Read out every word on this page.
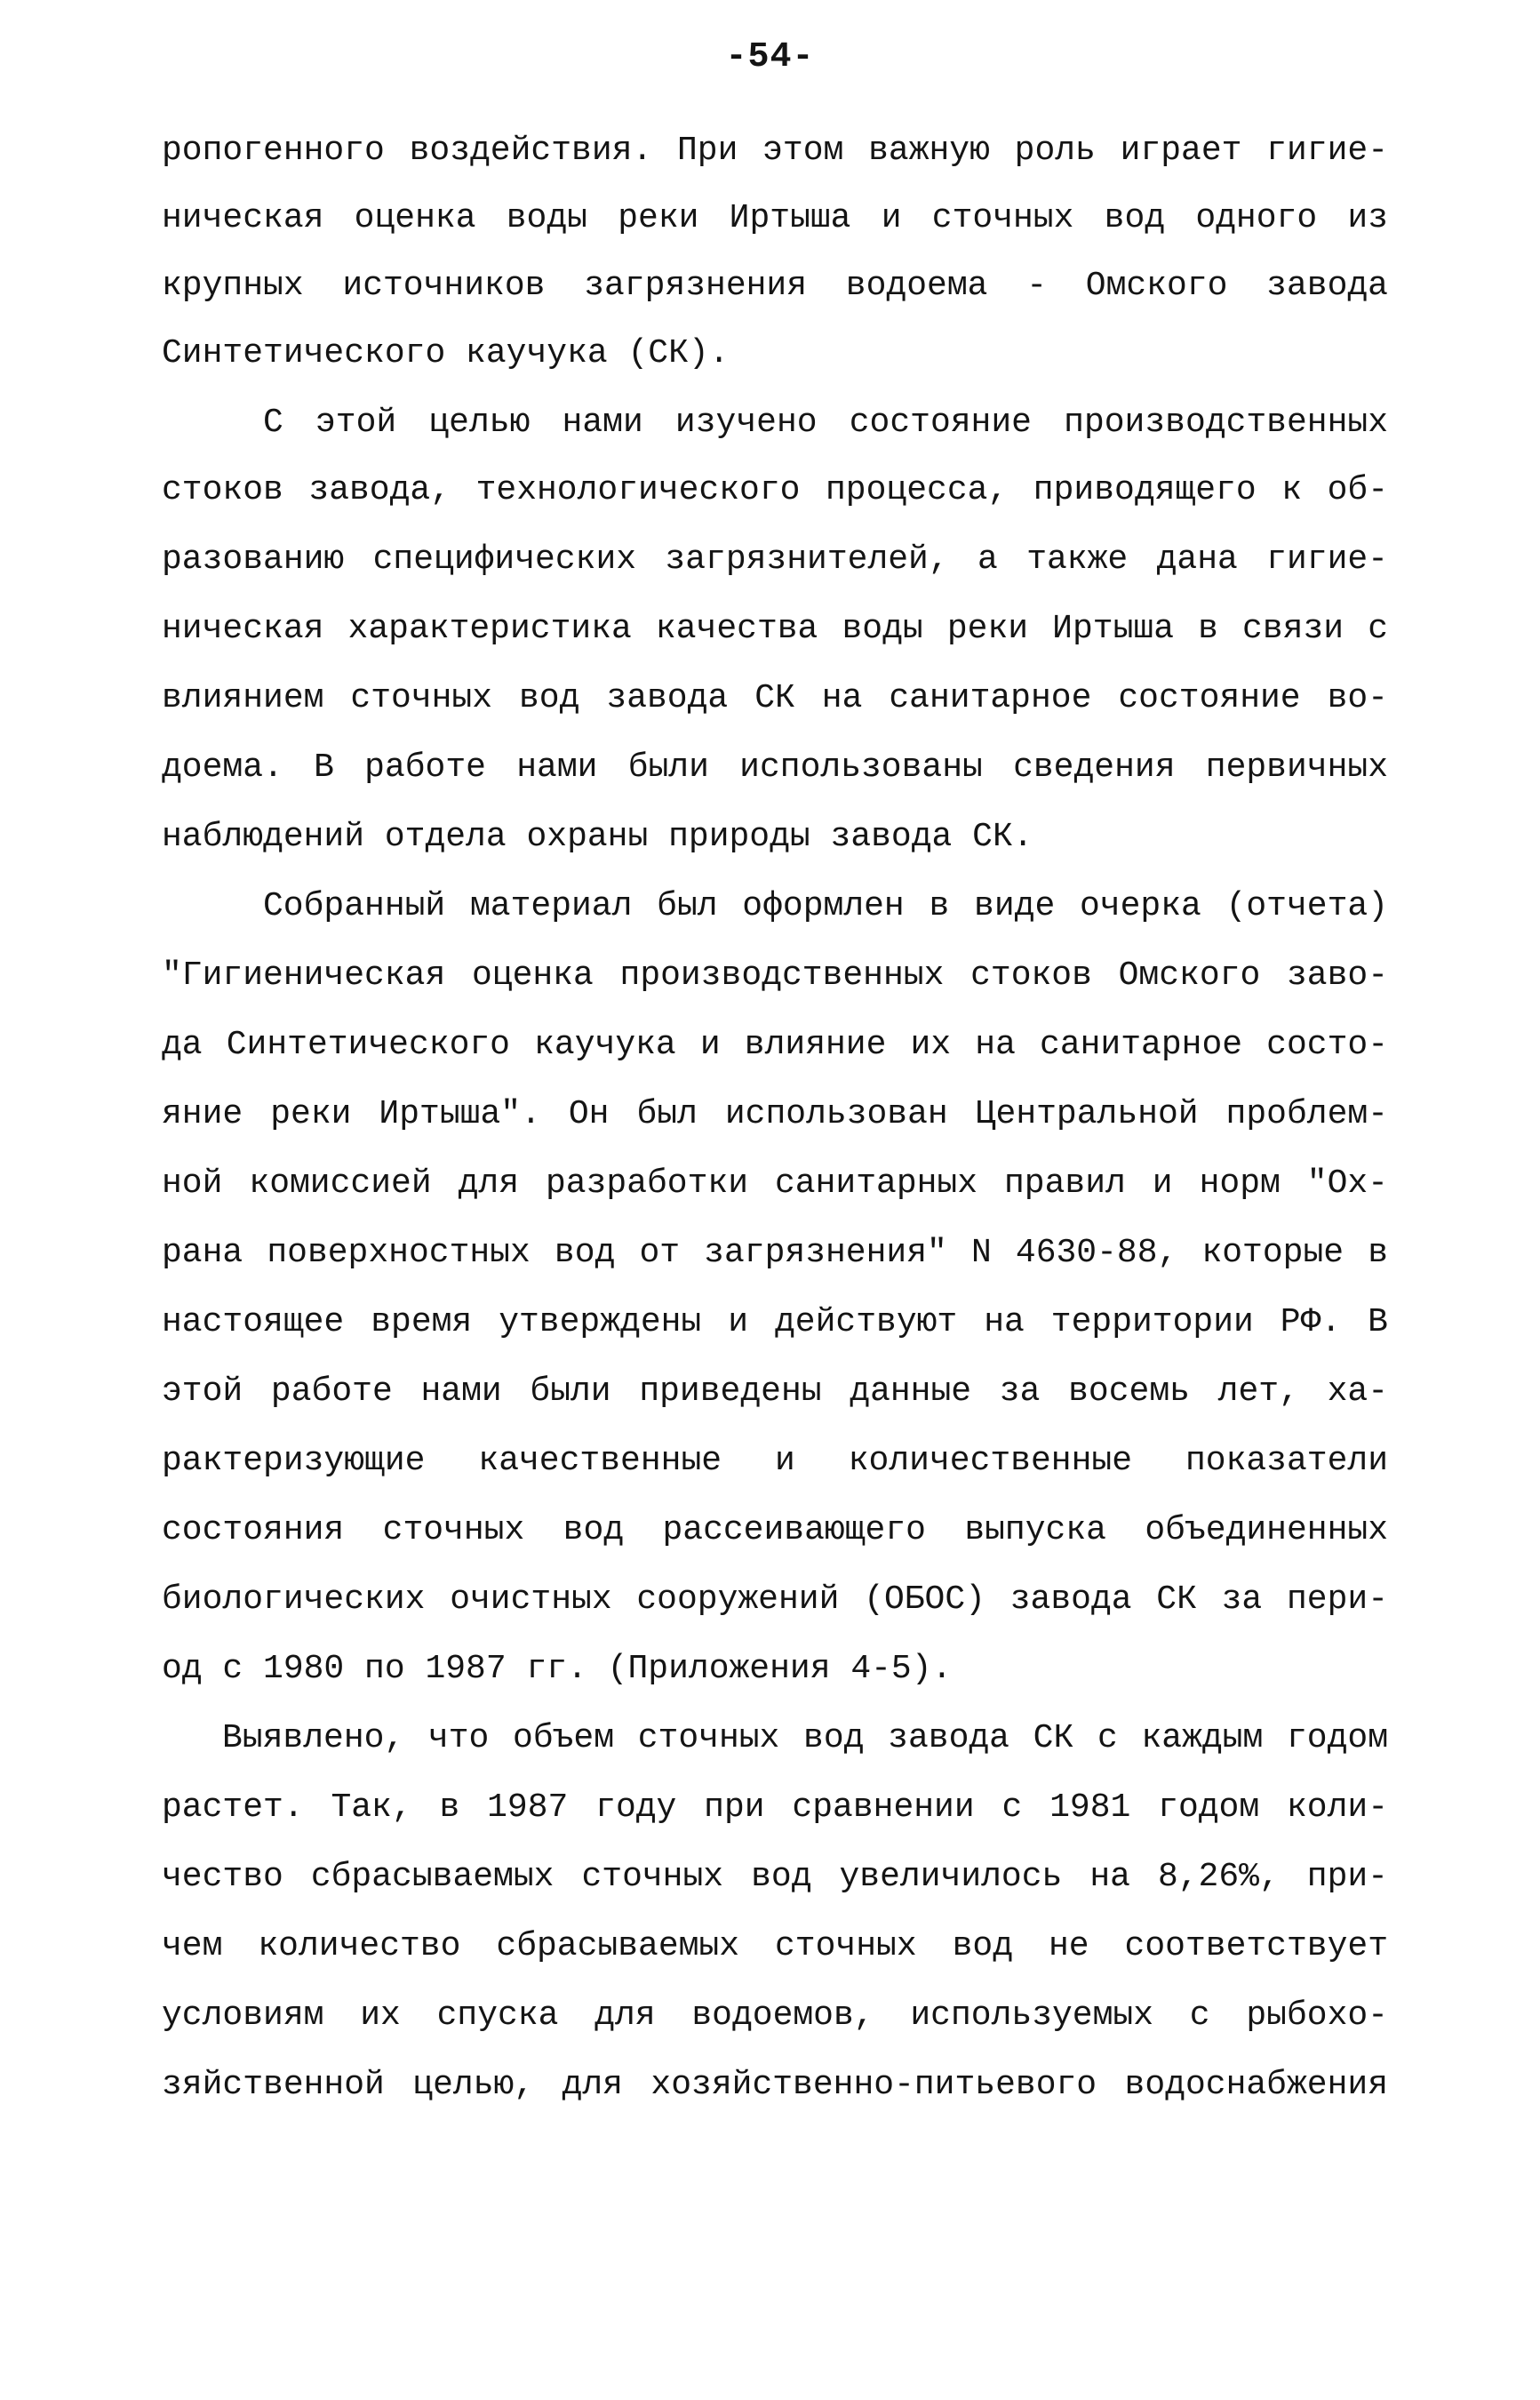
-54-
ропогенного воздействия. При этом важную роль играет гигие-
ническая оценка воды реки Иртыша и сточных вод одного из
крупных источников загрязнения водоема - Омского завода
Синтетического каучука (СК).
С этой целью нами изучено состояние производственных
стоков завода, технологического процесса, приводящего к об-
разованию специфических загрязнителей, а также дана гигие-
ническая характеристика качества воды реки Иртыша в связи с
влиянием сточных вод завода СК на санитарное состояние во-
доема. В работе нами были использованы сведения первичных
наблюдений отдела охраны природы завода СК.
Собранный материал был оформлен в виде очерка (отчета)
"Гигиеническая оценка производственных стоков Омского заво-
да Синтетического каучука и влияние их на санитарное состо-
яние реки Иртыша". Он был использован Центральной проблем-
ной комиссией для разработки санитарных правил и норм "Ох-
рана поверхностных вод от загрязнения" N 4630-88, которые в
настоящее время утверждены и действуют на территории РФ. В
этой работе нами были приведены данные за восемь лет, ха-
рактеризующие качественные и количественные показатели
состояния сточных вод рассеивающего выпуска объединенных
биологических очистных сооружений (ОБОС) завода СК за пери-
од с 1980 по 1987 гг. (Приложения 4-5).
Выявлено, что объем сточных вод завода СК с каждым годом
растет. Так, в 1987 году при сравнении с 1981 годом коли-
чество сбрасываемых сточных вод увеличилось на 8,26%, при-
чем количество сбрасываемых сточных вод не соответствует
условиям их спуска для водоемов, используемых с рыбохо-
зяйственной целью, для хозяйственно-питьевого водоснабжения
